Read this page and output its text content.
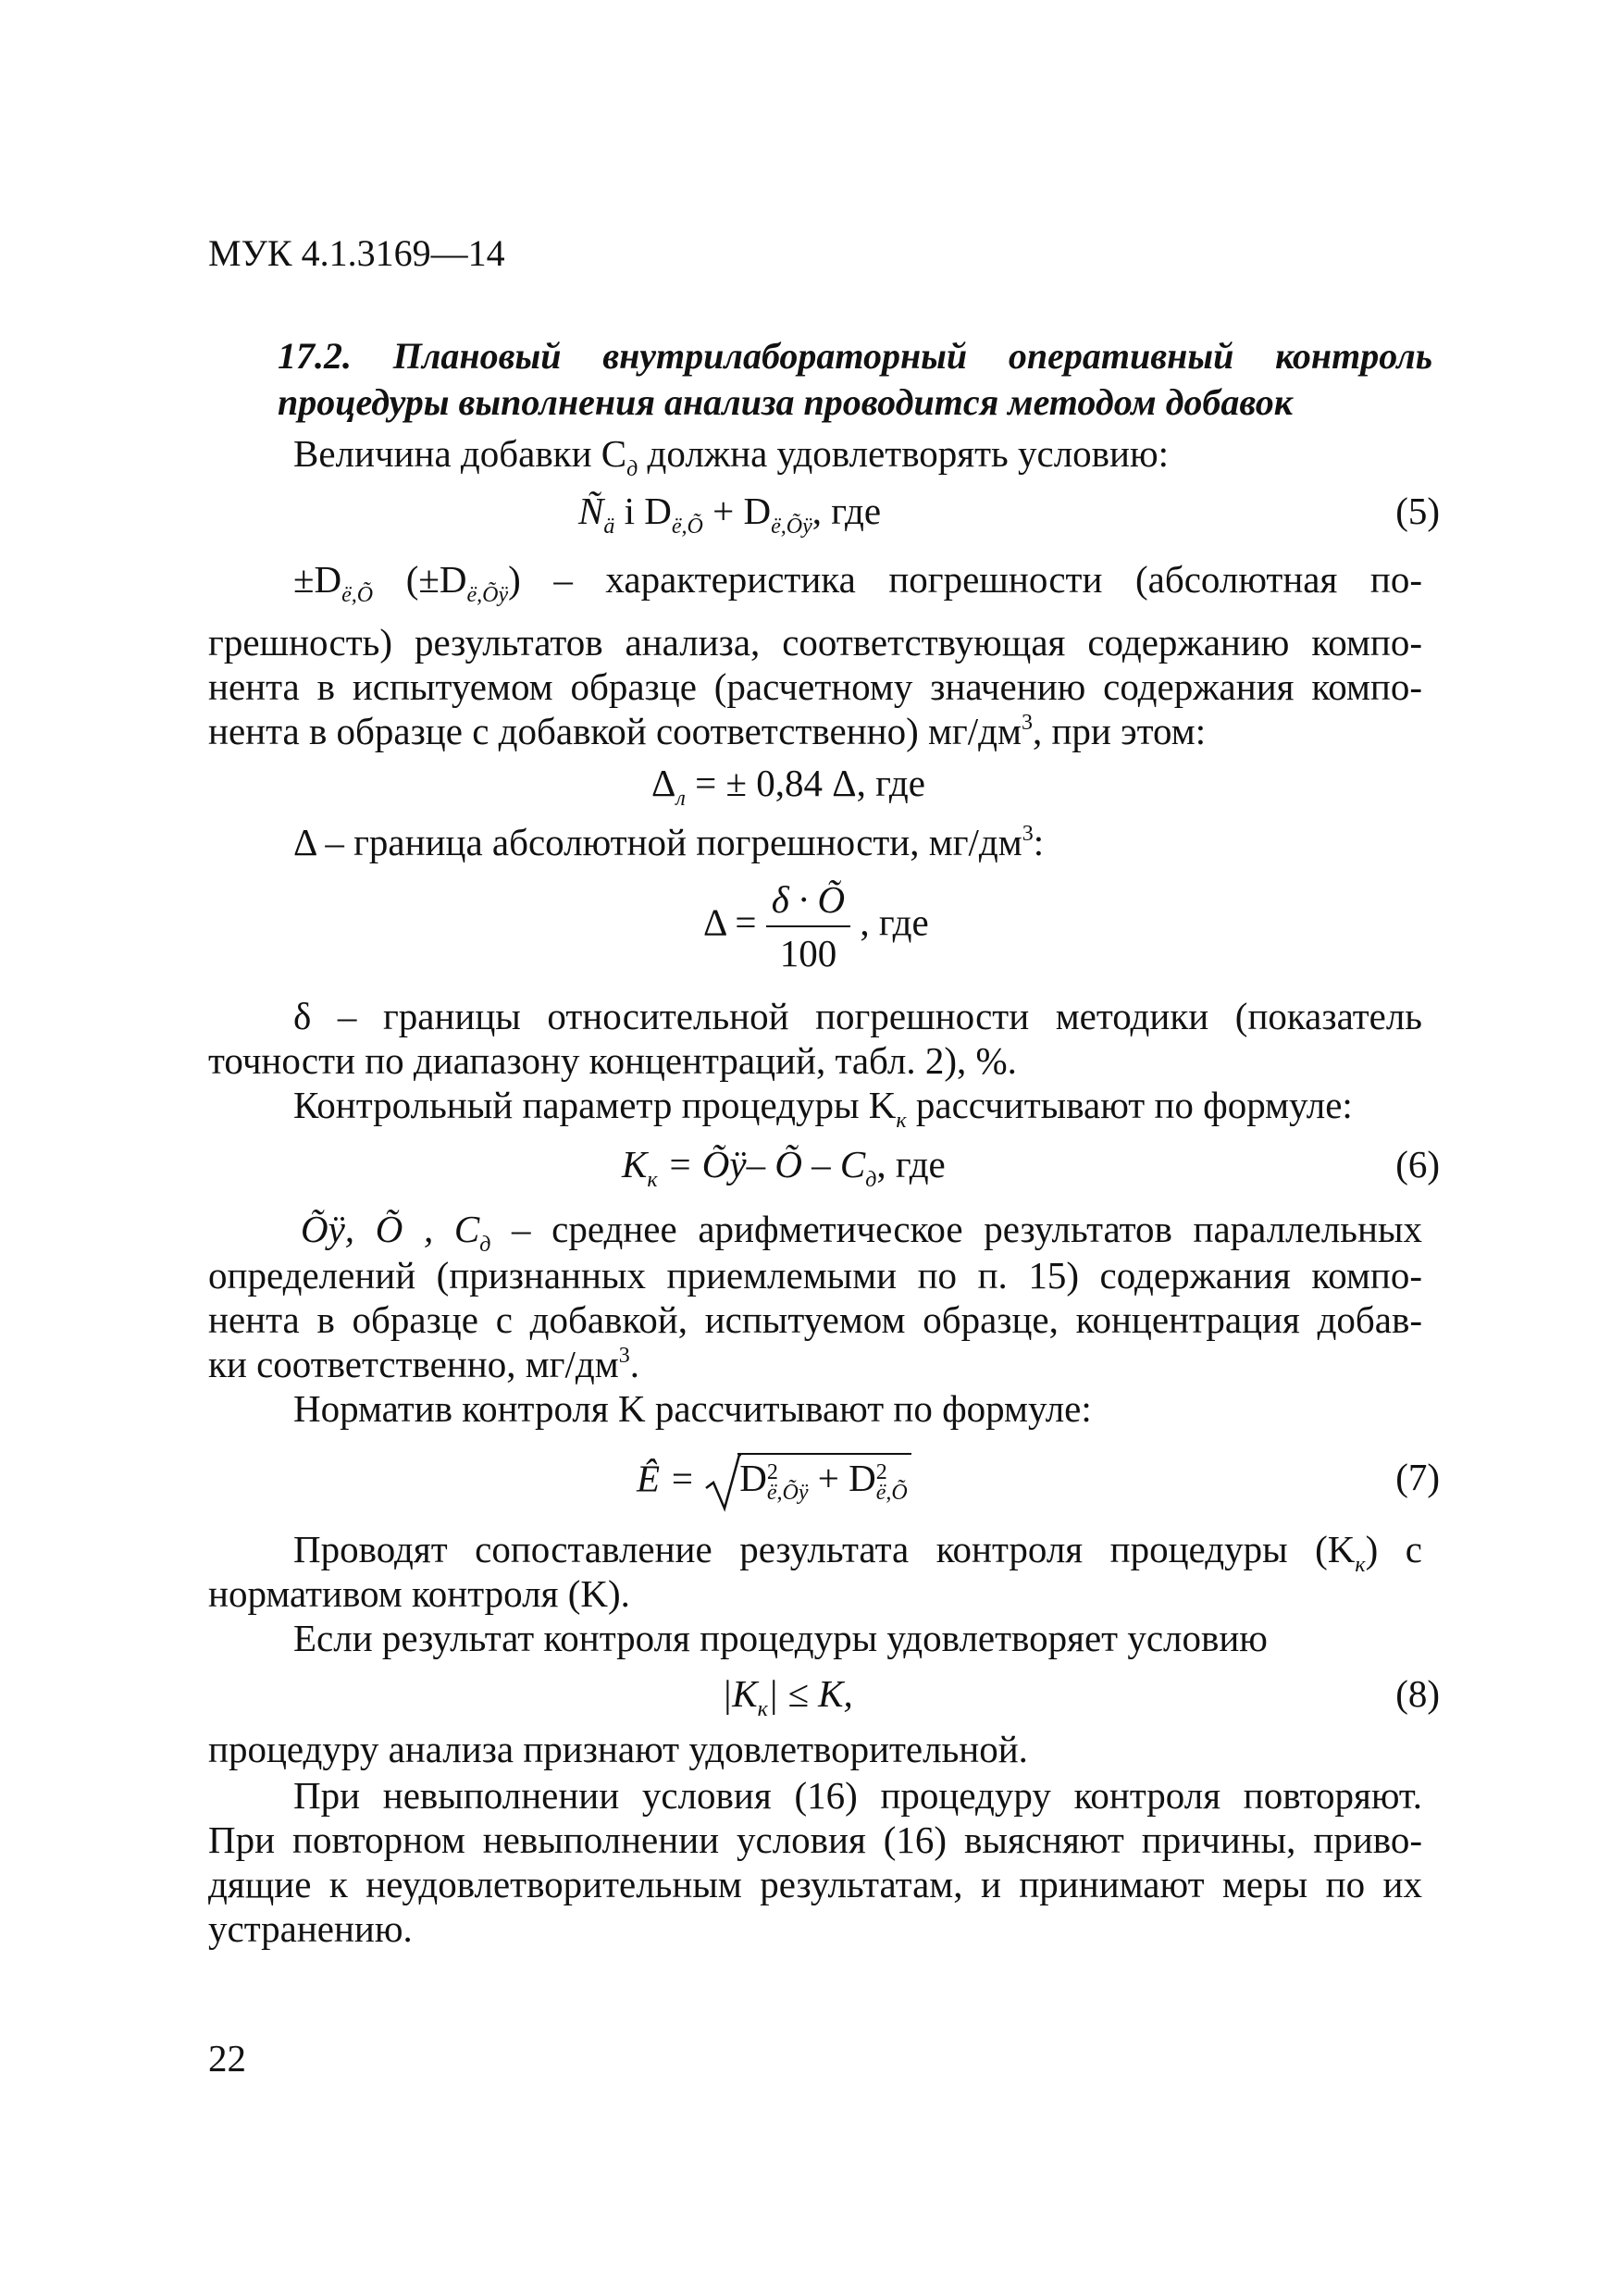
МУК 4.1.3169—14
17.2. Плановый внутрилабораторный оперативный контроль
процедуры выполнения анализа проводится методом добавок
Величина добавки $C_д$ должна удовлетворять условию:
$Ñ_ä$ i $D_{ë,Õ} + D_{ë,Õÿ}$, где	(5)
$\pm D_{ë,Õ}$ $(\pm D_{ë,Õÿ})$ – характеристика погрешности (абсолютная по-
грешность) результатов анализа, соответствующая содержанию компо-
нента в испытуемом образце (расчетному значению содержания компо-
нента в образце с добавкой соответственно) $мг/дм^3$, при этом:
$\Delta_л$ = ± 0,84 Δ, где
Δ – граница абсолютной погрешности, $мг/дм^3$:
$\Delta = \frac{\delta \cdot Õ}{100}$ , где
δ – границы относительной погрешности методики (показатель
точности по диапазону концентраций, табл. 2), %.
Контрольный параметр процедуры $K_к$ рассчитывают по формуле:
$K_к$ = Õÿ– Õ – $C_д$, где	(6)
Õÿ, Õ , $C_д$ – среднее арифметическое результатов параллельных
определений (признанных приемлемыми по п. 15) содержания компо-
нента в образце с добавкой, испытуемом образце, концентрация добав-
ки соответственно, $мг/дм^3$.
Норматив контроля K рассчитывают по формуле:
Ê = D 2
ë,Õÿ + D 2
ë,Õ	(7)
Проводят сопоставление результата контроля процедуры $(K_к)$ с
нормативом контроля (K).
Если результат контроля процедуры удовлетворяет условию
$|K_к| \le K$,	(8)
процедуру анализа признают удовлетворительной.
При невыполнении условия (16) процедуру контроля повторяют.
При повторном невыполнении условия (16) выясняют причины, приво-
дящие к неудовлетворительным результатам, и принимают меры по их
устранению.
22
